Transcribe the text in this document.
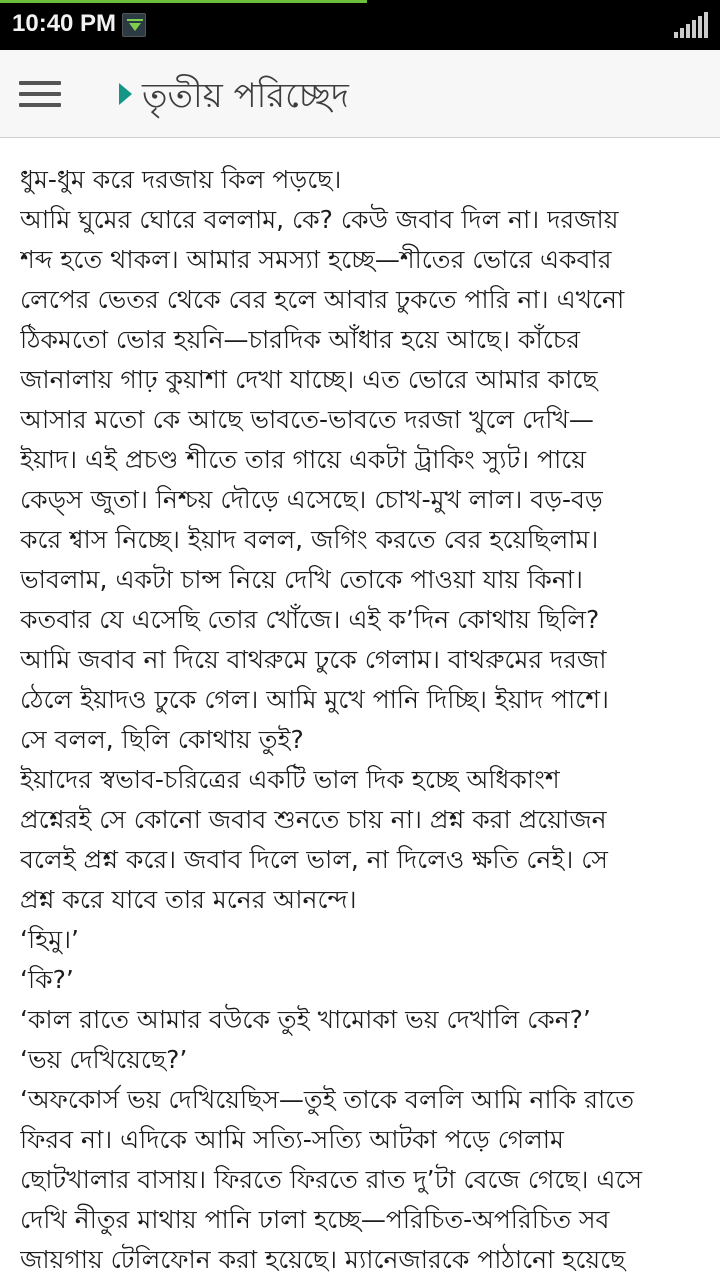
10:40 PM
তৃতীয় পরিচ্ছেদ
ধুম-ধুম করে দরজায় কিল পড়ছে।
আমি ঘুমের ঘোরে বললাম, কে? কেউ জবাব দিল না। দরজায়
শব্দ হতে থাকল। আমার সমস্যা হচ্ছে—শীতের ভোরে একবার
লেপের ভেতর থেকে বের হলে আবার ঢুকতে পারি না। এখনো
ঠিকমতো ভোর হয়নি—চারদিক আঁধার হয়ে আছে। কাঁচের
জানালায় গাঢ় কুয়াশা দেখা যাচ্ছে। এত ভোরে আমার কাছে
আসার মতো কে আছে ভাবতে-ভাবতে দরজা খুলে দেখি—
ইয়াদ। এই প্রচণ্ড শীতে তার গায়ে একটা ট্রাকিং স্যুট। পায়ে
কেড্‌স জুতা। নিশ্চয় দৌড়ে এসেছে। চোখ-মুখ লাল। বড়-বড়
করে শ্বাস নিচ্ছে। ইয়াদ বলল, জগিং করতে বের হয়েছিলাম।
ভাবলাম, একটা চান্স নিয়ে দেখি তোকে পাওয়া যায় কিনা।
কতবার যে এসেছি তোর খোঁজে। এই ক’দিন কোথায় ছিলি?
আমি জবাব না দিয়ে বাথরুমে ঢুকে গেলাম। বাথরুমের দরজা
ঠেলে ইয়াদও ঢুকে গেল। আমি মুখে পানি দিচ্ছি। ইয়াদ পাশে।
সে বলল, ছিলি কোথায় তুই?
ইয়াদের স্বভাব-চরিত্রের একটি ভাল দিক হচ্ছে অধিকাংশ
প্রশ্নেরই সে কোনো জবাব শুনতে চায় না। প্রশ্ন করা প্রয়োজন
বলেই প্রশ্ন করে। জবাব দিলে ভাল, না দিলেও ক্ষতি নেই। সে
প্রশ্ন করে যাবে তার মনের আনন্দে।
‘হিমু।’
‘কি?’
‘কাল রাতে আমার বউকে তুই খামোকা ভয় দেখালি কেন?’
‘ভয় দেখিয়েছে?’
‘অফকোর্স ভয় দেখিয়েছিস—তুই তাকে বললি আমি নাকি রাতে
ফিরব না। এদিকে আমি সত্যি-সত্যি আটকা পড়ে গেলাম
ছোটখালার বাসায়। ফিরতে ফিরতে রাত দু’টা বেজে গেছে। এসে
দেখি নীতুর মাথায় পানি ঢালা হচ্ছে—পরিচিত-অপরিচিত সব
জায়গায় টেলিফোন করা হয়েছে। ম্যানেজারকে পাঠানো হয়েছে
